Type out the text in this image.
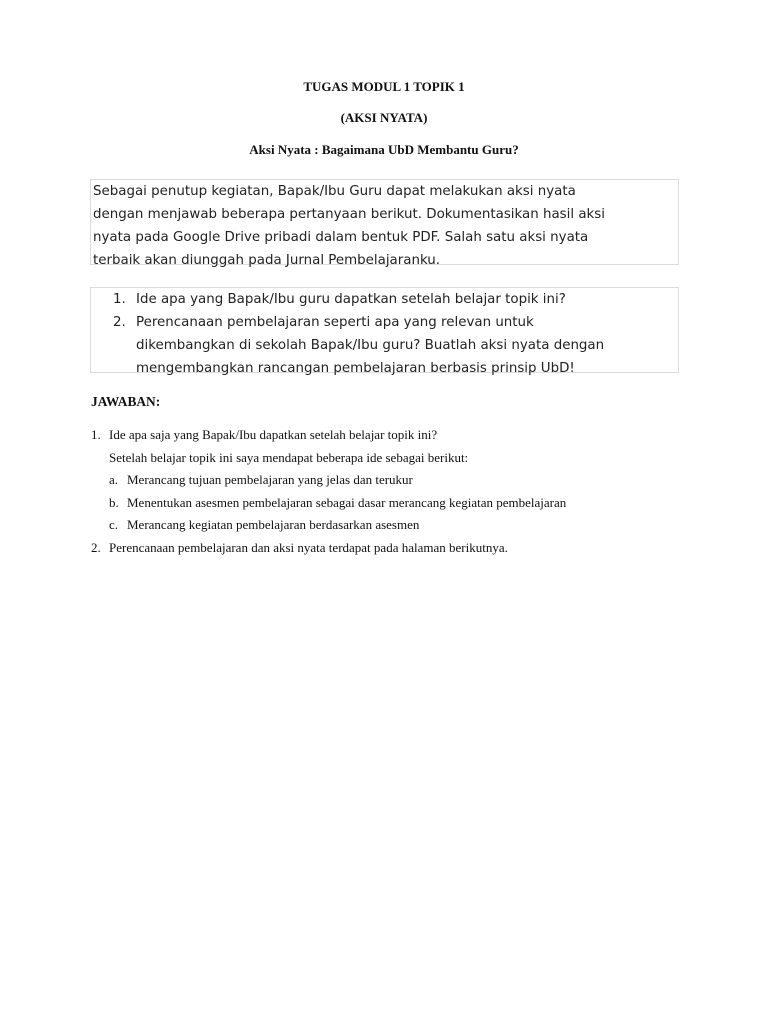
TUGAS MODUL 1 TOPIK 1
(AKSI NYATA)
Aksi Nyata : Bagaimana UbD Membantu Guru?
Sebagai penutup kegiatan, Bapak/Ibu Guru dapat melakukan aksi nyata
dengan menjawab beberapa pertanyaan berikut. Dokumentasikan hasil aksi
nyata pada Google Drive pribadi dalam bentuk PDF. Salah satu aksi nyata
terbaik akan diunggah pada Jurnal Pembelajaranku.
1. Ide apa yang Bapak/Ibu guru dapatkan setelah belajar topik ini?
2. Perencanaan pembelajaran seperti apa yang relevan untuk
dikembangkan di sekolah Bapak/Ibu guru? Buatlah aksi nyata dengan
mengembangkan rancangan pembelajaran berbasis prinsip UbD!
JAWABAN:
1. Ide apa saja yang Bapak/Ibu dapatkan setelah belajar topik ini?
Setelah belajar topik ini saya mendapat beberapa ide sebagai berikut:
a. Merancang tujuan pembelajaran yang jelas dan terukur
b. Menentukan asesmen pembelajaran sebagai dasar merancang kegiatan pembelajaran
c. Merancang kegiatan pembelajaran berdasarkan asesmen
2. Perencanaan pembelajaran dan aksi nyata terdapat pada halaman berikutnya.
